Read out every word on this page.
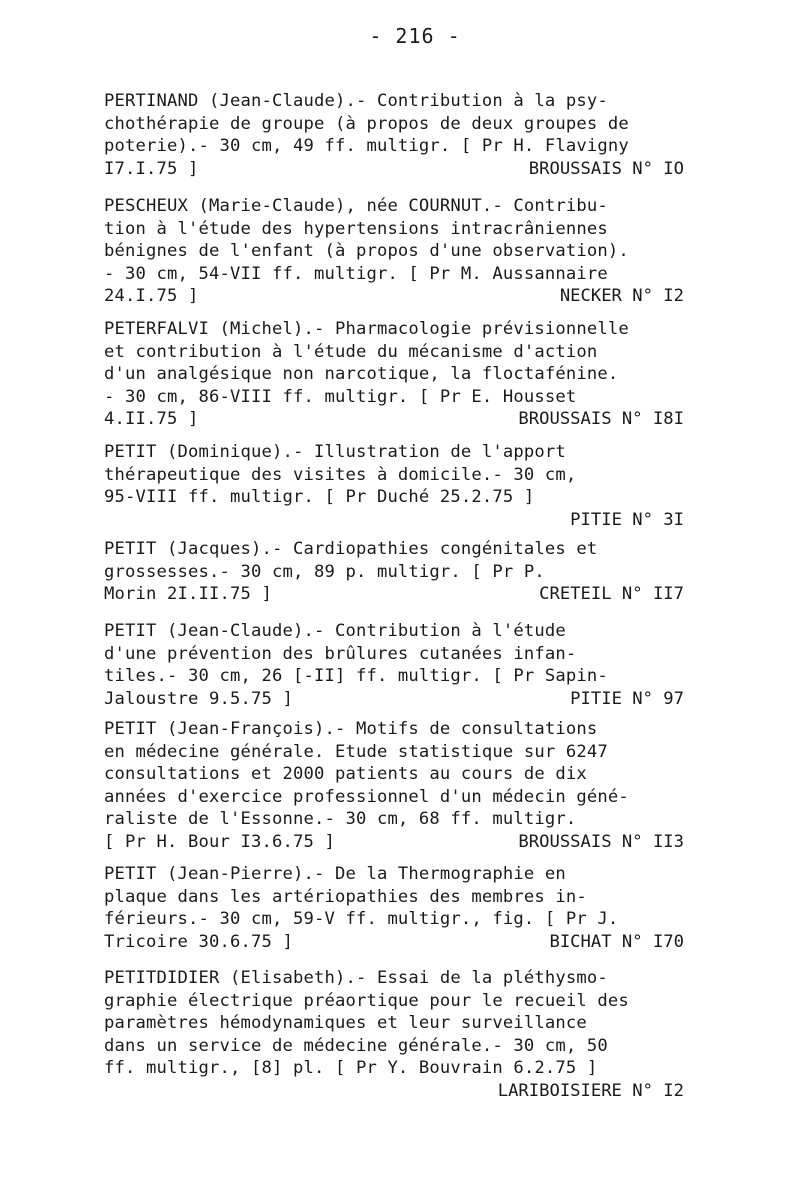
- 216 -
PERTINAND (Jean-Claude).- Contribution à la psy-
chothérapie de groupe (à propos de deux groupes de
poterie).- 30 cm, 49 ff. multigr. [ Pr H. Flavigny
I7.I.75 ]	BROUSSAIS N° IO
PESCHEUX (Marie-Claude), née COURNUT.- Contribu-
tion à l'étude des hypertensions intracrâniennes
bénignes de l'enfant (à propos d'une observation).
- 30 cm, 54-VII ff. multigr. [ Pr M. Aussannaire
24.I.75 ]	NECKER N° I2
PETERFALVI (Michel).- Pharmacologie prévisionnelle
et contribution à l'étude du mécanisme d'action
d'un analgésique non narcotique, la floctafénine.
- 30 cm, 86-VIII ff. multigr. [ Pr E. Housset
4.II.75 ]	BROUSSAIS N° I8I
PETIT (Dominique).- Illustration de l'apport
thérapeutique des visites à domicile.- 30 cm,
95-VIII ff. multigr. [ Pr Duché 25.2.75 ]
PITIE N° 3I
PETIT (Jacques).- Cardiopathies congénitales et
grossesses.- 30 cm, 89 p. multigr. [ Pr P.
Morin 2I.II.75 ]	CRETEIL N° II7
PETIT (Jean-Claude).- Contribution à l'étude
d'une prévention des brûlures cutanées infan-
tiles.- 30 cm, 26 [-II] ff. multigr. [ Pr Sapin-
Jaloustre 9.5.75 ]	PITIE N° 97
PETIT (Jean-François).- Motifs de consultations
en médecine générale. Etude statistique sur 6247
consultations et 2000 patients au cours de dix
années d'exercice professionnel d'un médecin géné-
raliste de l'Essonne.- 30 cm, 68 ff. multigr.
[ Pr H. Bour I3.6.75 ]	BROUSSAIS N° II3
PETIT (Jean-Pierre).- De la Thermographie en
plaque dans les artériopathies des membres in-
férieurs.- 30 cm, 59-V ff. multigr., fig. [ Pr J.
Tricoire 30.6.75 ]	BICHAT N° I70
PETITDIDIER (Elisabeth).- Essai de la pléthysmo-
graphie électrique préaortique pour le recueil des
paramètres hémodynamiques et leur surveillance
dans un service de médecine générale.- 30 cm, 50
ff. multigr., [8] pl. [ Pr Y. Bouvrain 6.2.75 ]
LARIBOISIERE N° I2
